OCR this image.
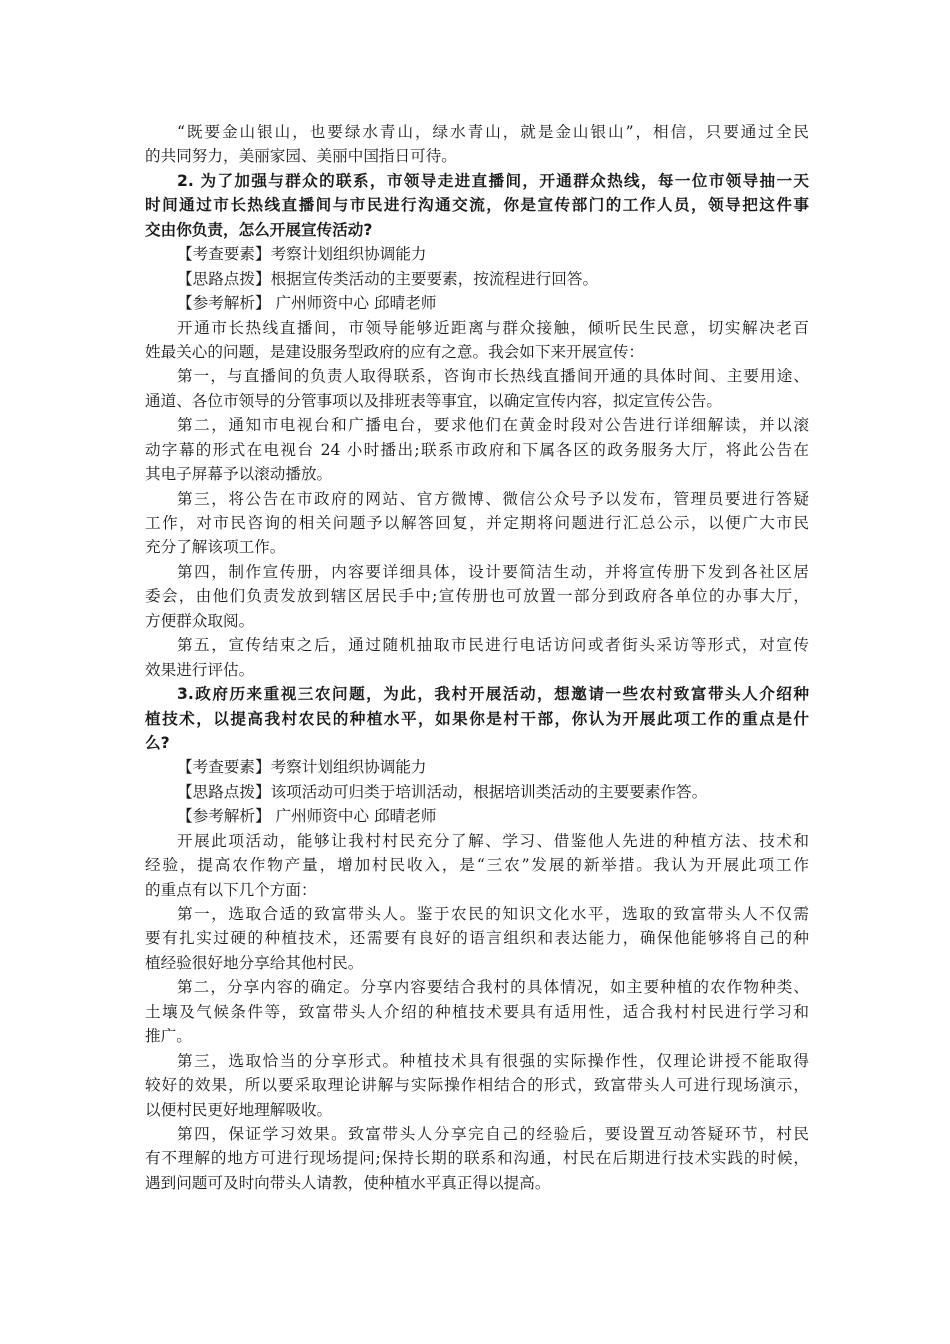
“既要金山银山，也要绿水青山，绿水青山，就是金山银山”，相信，只要通过全民
的共同努力，美丽家园、美丽中国指日可待。
2. 为了加强与群众的联系，市领导走进直播间，开通群众热线，每一位市领导抽一天
时间通过市长热线直播间与市民进行沟通交流，你是宣传部门的工作人员，领导把这件事
交由你负责，怎么开展宣传活动?
【考查要素】考察计划组织协调能力
【思路点拨】根据宣传类活动的主要要素，按流程进行回答。
【参考解析】 广州师资中心 邱晴老师
开通市长热线直播间，市领导能够近距离与群众接触，倾听民生民意，切实解决老百
姓最关心的问题，是建设服务型政府的应有之意。我会如下来开展宣传：
第一，与直播间的负责人取得联系，咨询市长热线直播间开通的具体时间、主要用途、
通道、各位市领导的分管事项以及排班表等事宜，以确定宣传内容，拟定宣传公告。
第二，通知市电视台和广播电台，要求他们在黄金时段对公告进行详细解读，并以滚
动字幕的形式在电视台 24 小时播出;联系市政府和下属各区的政务服务大厅，将此公告在
其电子屏幕予以滚动播放。
第三，将公告在市政府的网站、官方微博、微信公众号予以发布，管理员要进行答疑
工作，对市民咨询的相关问题予以解答回复，并定期将问题进行汇总公示，以便广大市民
充分了解该项工作。
第四，制作宣传册，内容要详细具体，设计要简洁生动，并将宣传册下发到各社区居
委会，由他们负责发放到辖区居民手中;宣传册也可放置一部分到政府各单位的办事大厅，
方便群众取阅。
第五，宣传结束之后，通过随机抽取市民进行电话访问或者街头采访等形式，对宣传
效果进行评估。
3.政府历来重视三农问题，为此，我村开展活动，想邀请一些农村致富带头人介绍种
植技术，以提高我村农民的种植水平，如果你是村干部，你认为开展此项工作的重点是什
么?
【考查要素】考察计划组织协调能力
【思路点拨】该项活动可归类于培训活动，根据培训类活动的主要要素作答。
【参考解析】 广州师资中心 邱晴老师
开展此项活动，能够让我村村民充分了解、学习、借鉴他人先进的种植方法、技术和
经验，提高农作物产量，增加村民收入，是“三农”发展的新举措。我认为开展此项工作
的重点有以下几个方面：
第一，选取合适的致富带头人。鉴于农民的知识文化水平，选取的致富带头人不仅需
要有扎实过硬的种植技术，还需要有良好的语言组织和表达能力，确保他能够将自己的种
植经验很好地分享给其他村民。
第二，分享内容的确定。分享内容要结合我村的具体情况，如主要种植的农作物种类、
土壤及气候条件等，致富带头人介绍的种植技术要具有适用性，适合我村村民进行学习和
推广。
第三，选取恰当的分享形式。种植技术具有很强的实际操作性，仅理论讲授不能取得
较好的效果，所以要采取理论讲解与实际操作相结合的形式，致富带头人可进行现场演示，
以便村民更好地理解吸收。
第四，保证学习效果。致富带头人分享完自己的经验后，要设置互动答疑环节，村民
有不理解的地方可进行现场提问;保持长期的联系和沟通，村民在后期进行技术实践的时候，
遇到问题可及时向带头人请教，使种植水平真正得以提高。
